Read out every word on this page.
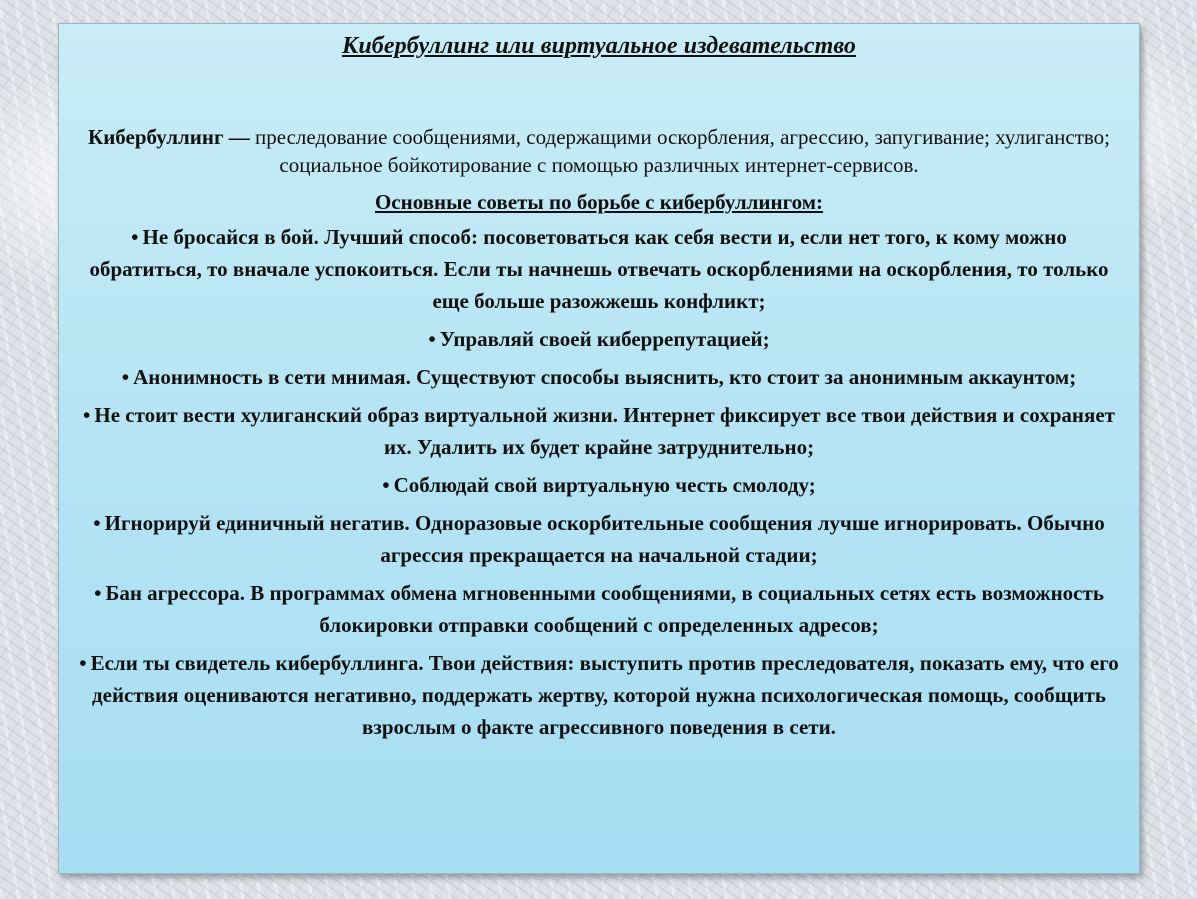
Кибербуллинг или виртуальное издевательство

Кибербуллинг — преследование сообщениями, содержащими оскорбления, агрессию, запугивание; хулиганство; социальное бойкотирование с помощью различных интернет-сервисов.

Основные советы по борьбе с кибербуллингом:
• Не бросайся в бой. Лучший способ: посоветоваться как себя вести и, если нет того, к кому можно обратиться, то вначале успокоиться. Если ты начнешь отвечать оскорблениями на оскорбления, то только еще больше разожжешь конфликт;
• Управляй своей киберрепутацией;
• Анонимность в сети мнимая. Существуют способы выяснить, кто стоит за анонимным аккаунтом;
• Не стоит вести хулиганский образ виртуальной жизни. Интернет фиксирует все твои действия и сохраняет их. Удалить их будет крайне затруднительно;
• Соблюдай свой виртуальную честь смолоду;
• Игнорируй единичный негатив. Одноразовые оскорбительные сообщения лучше игнорировать. Обычно агрессия прекращается на начальной стадии;
• Бан агрессора. В программах обмена мгновенными сообщениями, в социальных сетях есть возможность блокировки отправки сообщений с определенных адресов;
• Если ты свидетель кибербуллинга. Твои действия: выступить против преследователя, показать ему, что его действия оцениваются негативно, поддержать жертву, которой нужна психологическая помощь, сообщить взрослым о факте агрессивного поведения в сети.
